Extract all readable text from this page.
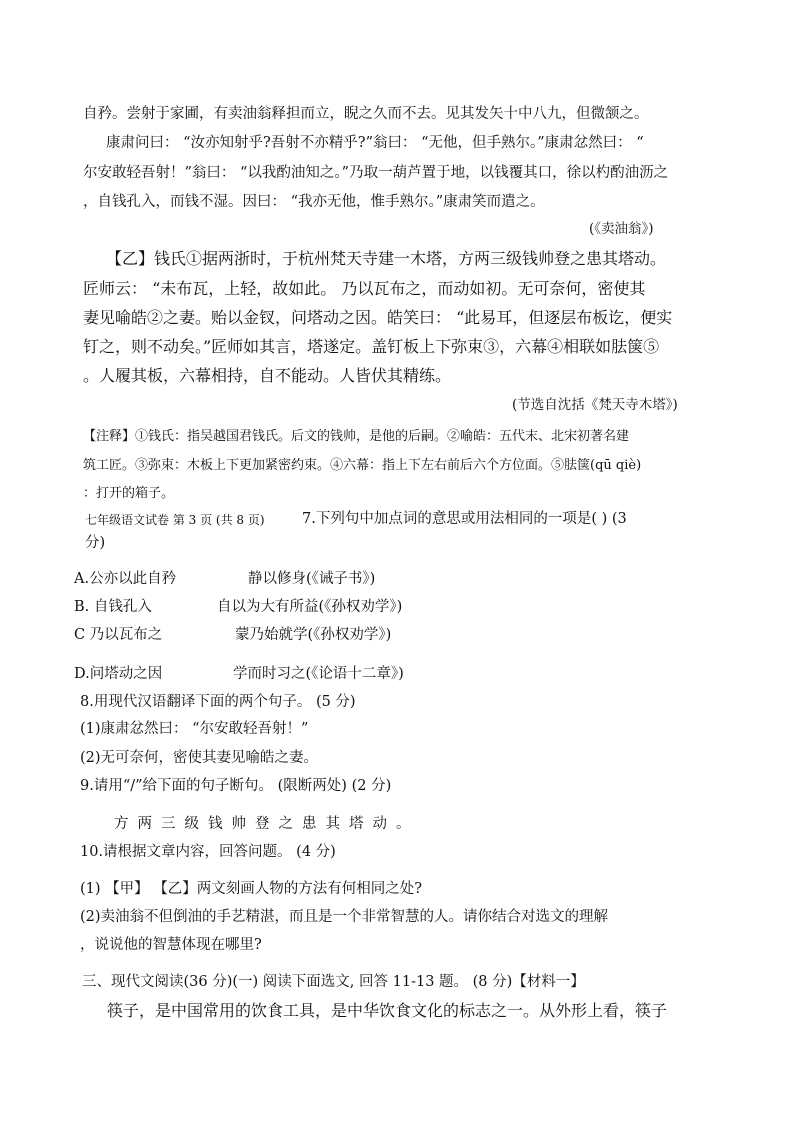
自矜。尝射于家圃，有卖油翁释担而立，睨之久而不去。见其发矢十中八九，但微颔之。
康肃问曰： “汝亦知射乎?吾射不亦精乎?”翁曰： “无他，但手熟尔。”康肃忿然曰： “
尔安敢轻吾射！”翁曰： “以我酌油知之。”乃取一葫芦置于地，以钱覆其口，徐以杓酌油沥之
，自钱孔入，而钱不湿。因曰： “我亦无他，惟手熟尔。”康肃笑而遣之。
(《卖油翁》)
【乙】钱氏①据两浙时，于杭州梵天寺建一木塔，方两三级钱帅登之患其塔动。
匠师云： “未布瓦，上轻，故如此。 乃以瓦布之，而动如初。无可奈何，密使其
妻见喻皓②之妻。贻以金钗，问塔动之因。皓笑曰： “此易耳，但逐层布板讫，便实
钉之，则不动矣。”匠师如其言，塔遂定。盖钉板上下弥束③，六幕④相联如胠箧⑤
。人履其板，六幕相持，自不能动。人皆伏其精练。
(节选自沈括《梵天寺木塔》)
【注释】①钱氏：指吴越国君钱氏。后文的钱帅，是他的后嗣。②喻皓：五代末、北宋初著名建
筑工匠。③弥束：木板上下更加紧密约束。④六幕：指上下左右前后六个方位面。⑤胠箧(qū qiè)
：打开的箱子。
七年级语文试卷 第 3 页 (共 8 页)	7.下列句中加点词的意思或用法相同的一项是( ) (3
分)
A.公亦以此自矜	静以修身(《诫子书》)
B. 自钱孔入	自以为大有所益(《孙权劝学》)
C 乃以瓦布之	蒙乃始就学(《孙权劝学》)
D.问塔动之因	学而时习之(《论语十二章》)
8.用现代汉语翻译下面的两个句子。 (5 分)
(1)康肃忿然曰： “尔安敢轻吾射！”
(2)无可奈何，密使其妻见喻皓之妻。
9.请用“/”给下面的句子断句。 (限断两处) (2 分)
方两三级钱帅登之患其塔动。
10.请根据文章内容，回答问题。 (4 分)
(1) 【甲】 【乙】两文刻画人物的方法有何相同之处?
(2)卖油翁不但倒油的手艺精湛，而且是一个非常智慧的人。请你结合对选文的理解
，说说他的智慧体现在哪里?
三、现代文阅读(36 分)(一) 阅读下面选文, 回答 11-13 题。 (8 分)【材料一】
筷子，是中国常用的饮食工具，是中华饮食文化的标志之一。从外形上看，筷子
